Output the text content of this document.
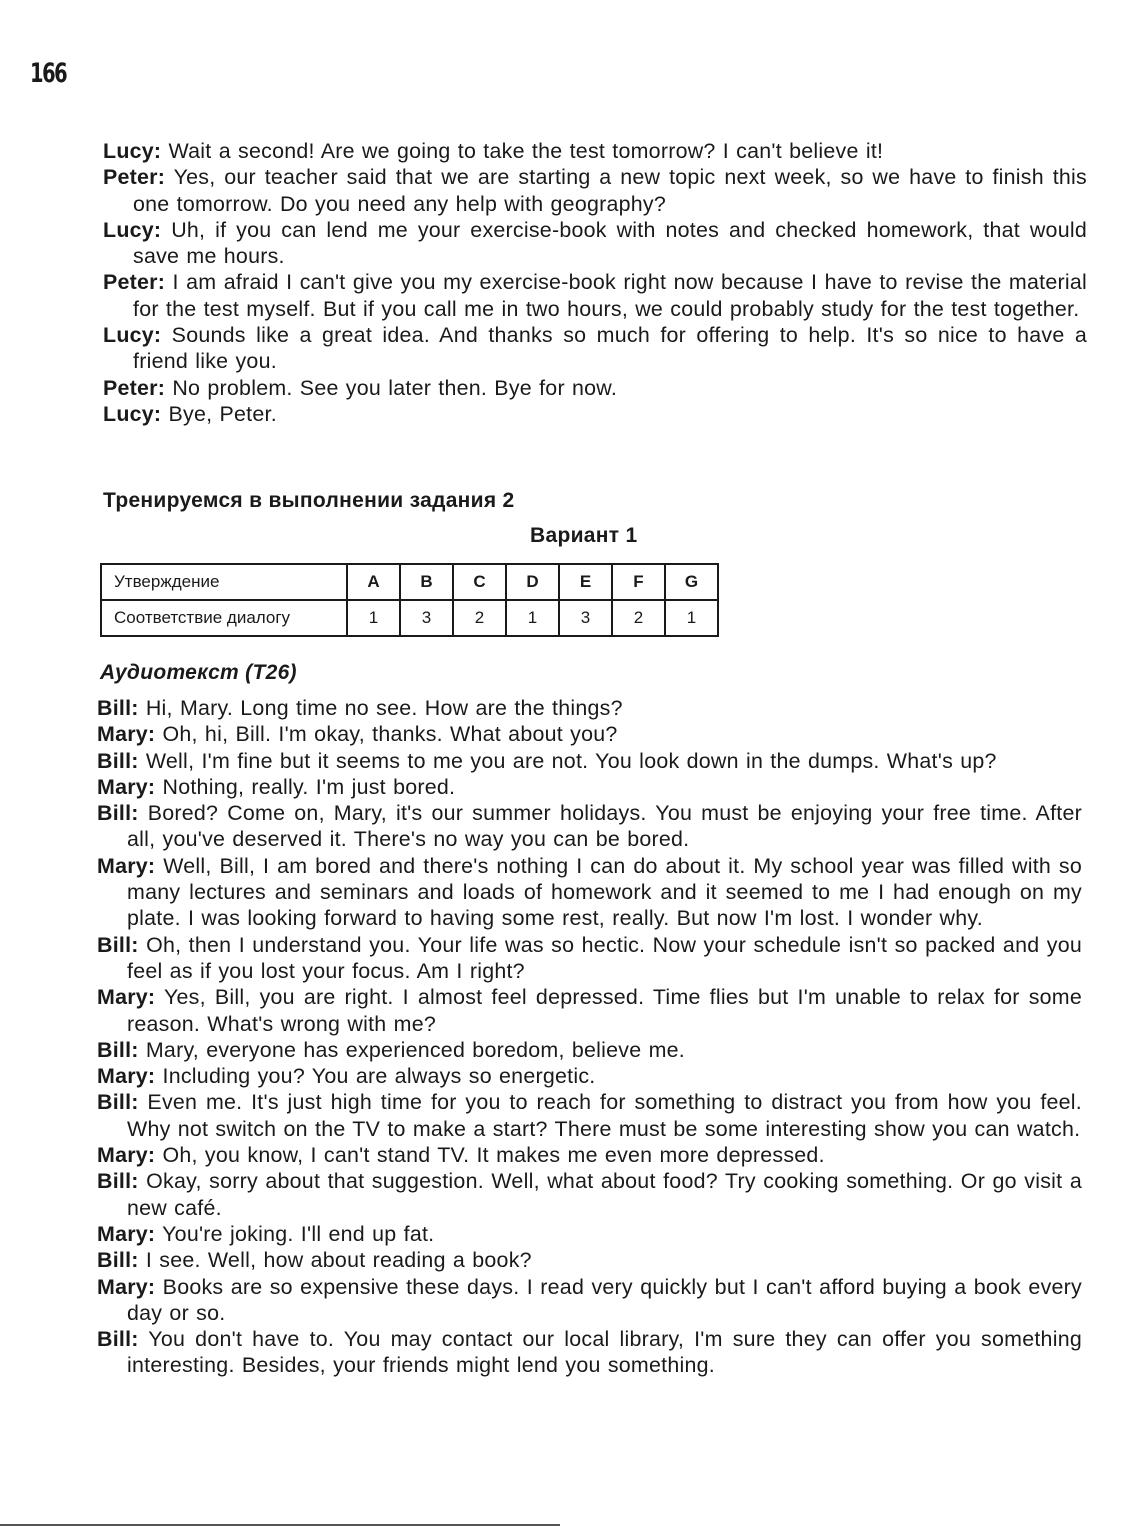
166
Lucy: Wait a second! Are we going to take the test tomorrow? I can't believe it!
Peter: Yes, our teacher said that we are starting a new topic next week, so we have to finish this one tomorrow. Do you need any help with geography?
Lucy: Uh, if you can lend me your exercise-book with notes and checked homework, that would save me hours.
Peter: I am afraid I can't give you my exercise-book right now because I have to revise the material for the test myself. But if you call me in two hours, we could probably study for the test together.
Lucy: Sounds like a great idea. And thanks so much for offering to help. It's so nice to have a friend like you.
Peter: No problem. See you later then. Bye for now.
Lucy: Bye, Peter.
Тренируемся в выполнении задания 2
Вариант 1
Утверждение	A	B	C	D	E	F	G
Соответствие диалогу	1	3	2	1	3	2	1
Аудиотекст (T26)
Bill: Hi, Mary. Long time no see. How are the things?
Mary: Oh, hi, Bill. I'm okay, thanks. What about you?
Bill: Well, I'm fine but it seems to me you are not. You look down in the dumps. What's up?
Mary: Nothing, really. I'm just bored.
Bill: Bored? Come on, Mary, it's our summer holidays. You must be enjoying your free time. After all, you've deserved it. There's no way you can be bored.
Mary: Well, Bill, I am bored and there's nothing I can do about it. My school year was filled with so many lectures and seminars and loads of homework and it seemed to me I had enough on my plate. I was looking forward to having some rest, really. But now I'm lost. I wonder why.
Bill: Oh, then I understand you. Your life was so hectic. Now your schedule isn't so packed and you feel as if you lost your focus. Am I right?
Mary: Yes, Bill, you are right. I almost feel depressed. Time flies but I'm unable to relax for some reason. What's wrong with me?
Bill: Mary, everyone has experienced boredom, believe me.
Mary: Including you? You are always so energetic.
Bill: Even me. It's just high time for you to reach for something to distract you from how you feel. Why not switch on the TV to make a start? There must be some interesting show you can watch.
Mary: Oh, you know, I can't stand TV. It makes me even more depressed.
Bill: Okay, sorry about that suggestion. Well, what about food? Try cooking something. Or go visit a new café.
Mary: You're joking. I'll end up fat.
Bill: I see. Well, how about reading a book?
Mary: Books are so expensive these days. I read very quickly but I can't afford buying a book every day or so.
Bill: You don't have to. You may contact our local library, I'm sure they can offer you something interesting. Besides, your friends might lend you something.
